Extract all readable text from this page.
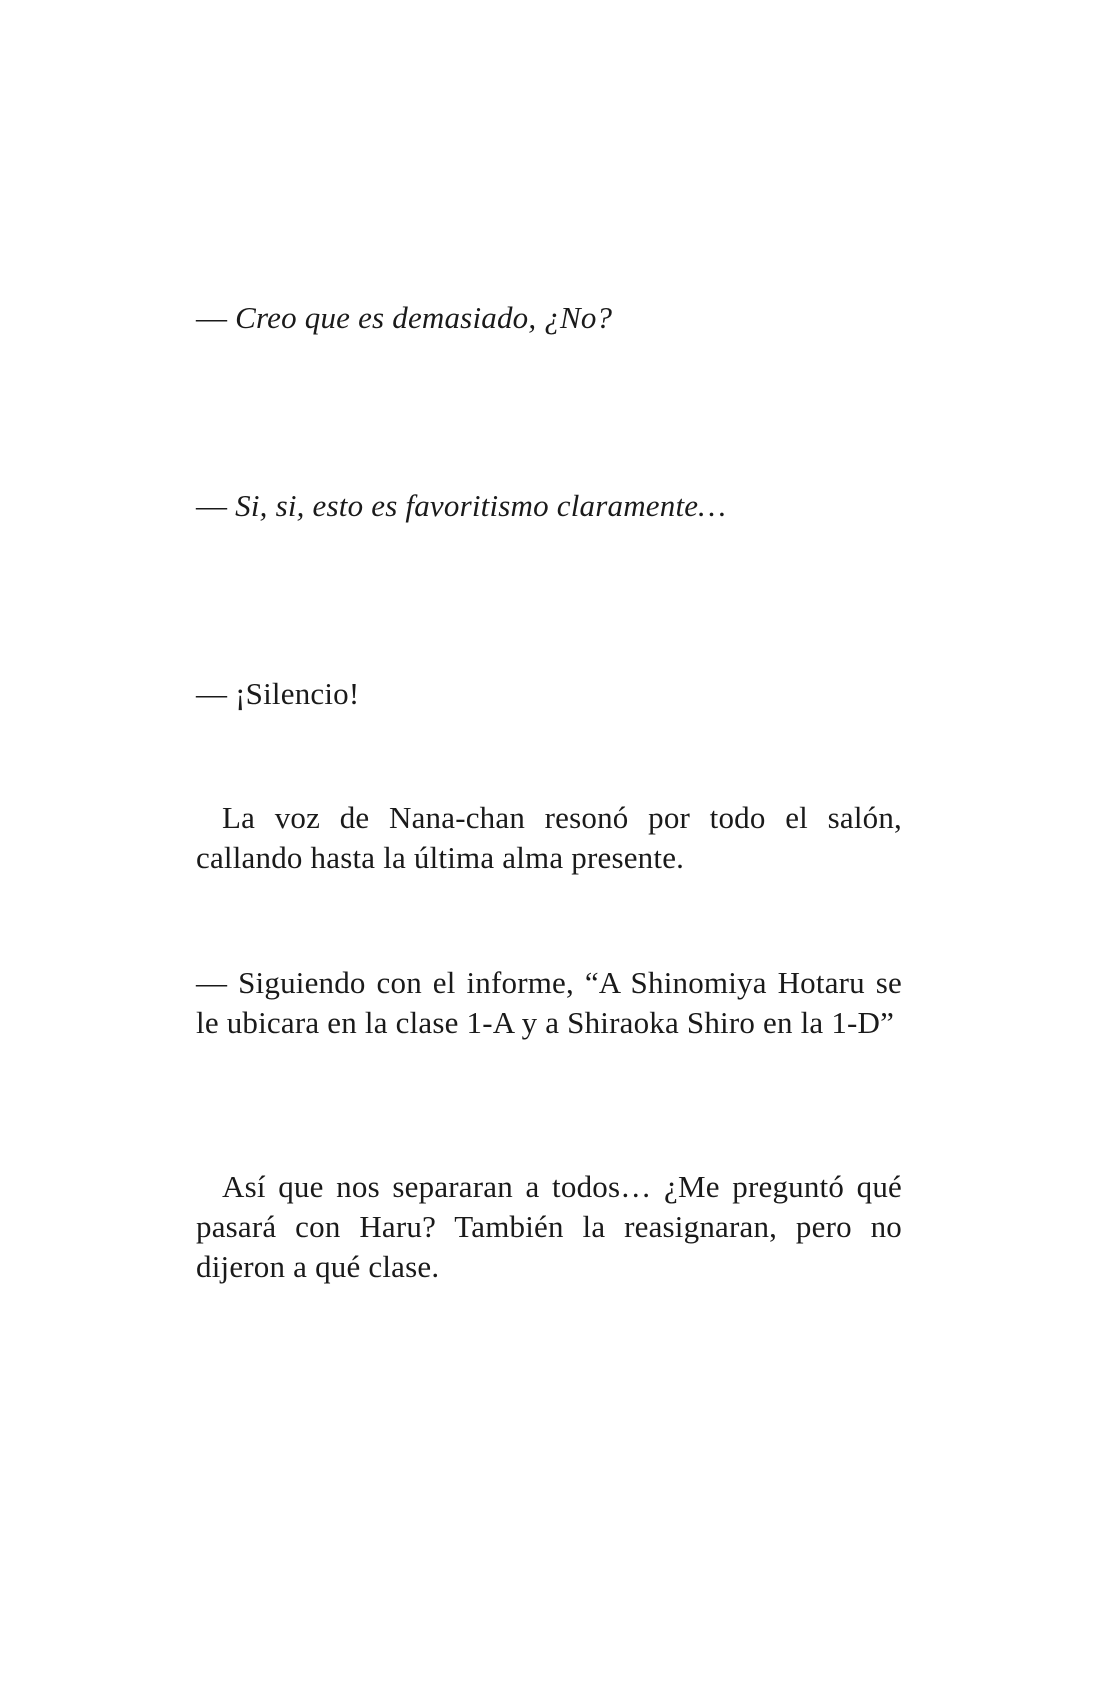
— Creo que es demasiado, ¿No?

— Si, si, esto es favoritismo claramente…

— ¡Silencio!

La voz de Nana-chan resonó por todo el salón, callando hasta la última alma presente.

— Siguiendo con el informe, “A Shinomiya Hotaru se le ubicara en la clase 1-A y a Shiraoka Shiro en la 1-D”

Así que nos separaran a todos… ¿Me preguntó qué pasará con Haru? También la reasignaran, pero no dijeron a qué clase.
